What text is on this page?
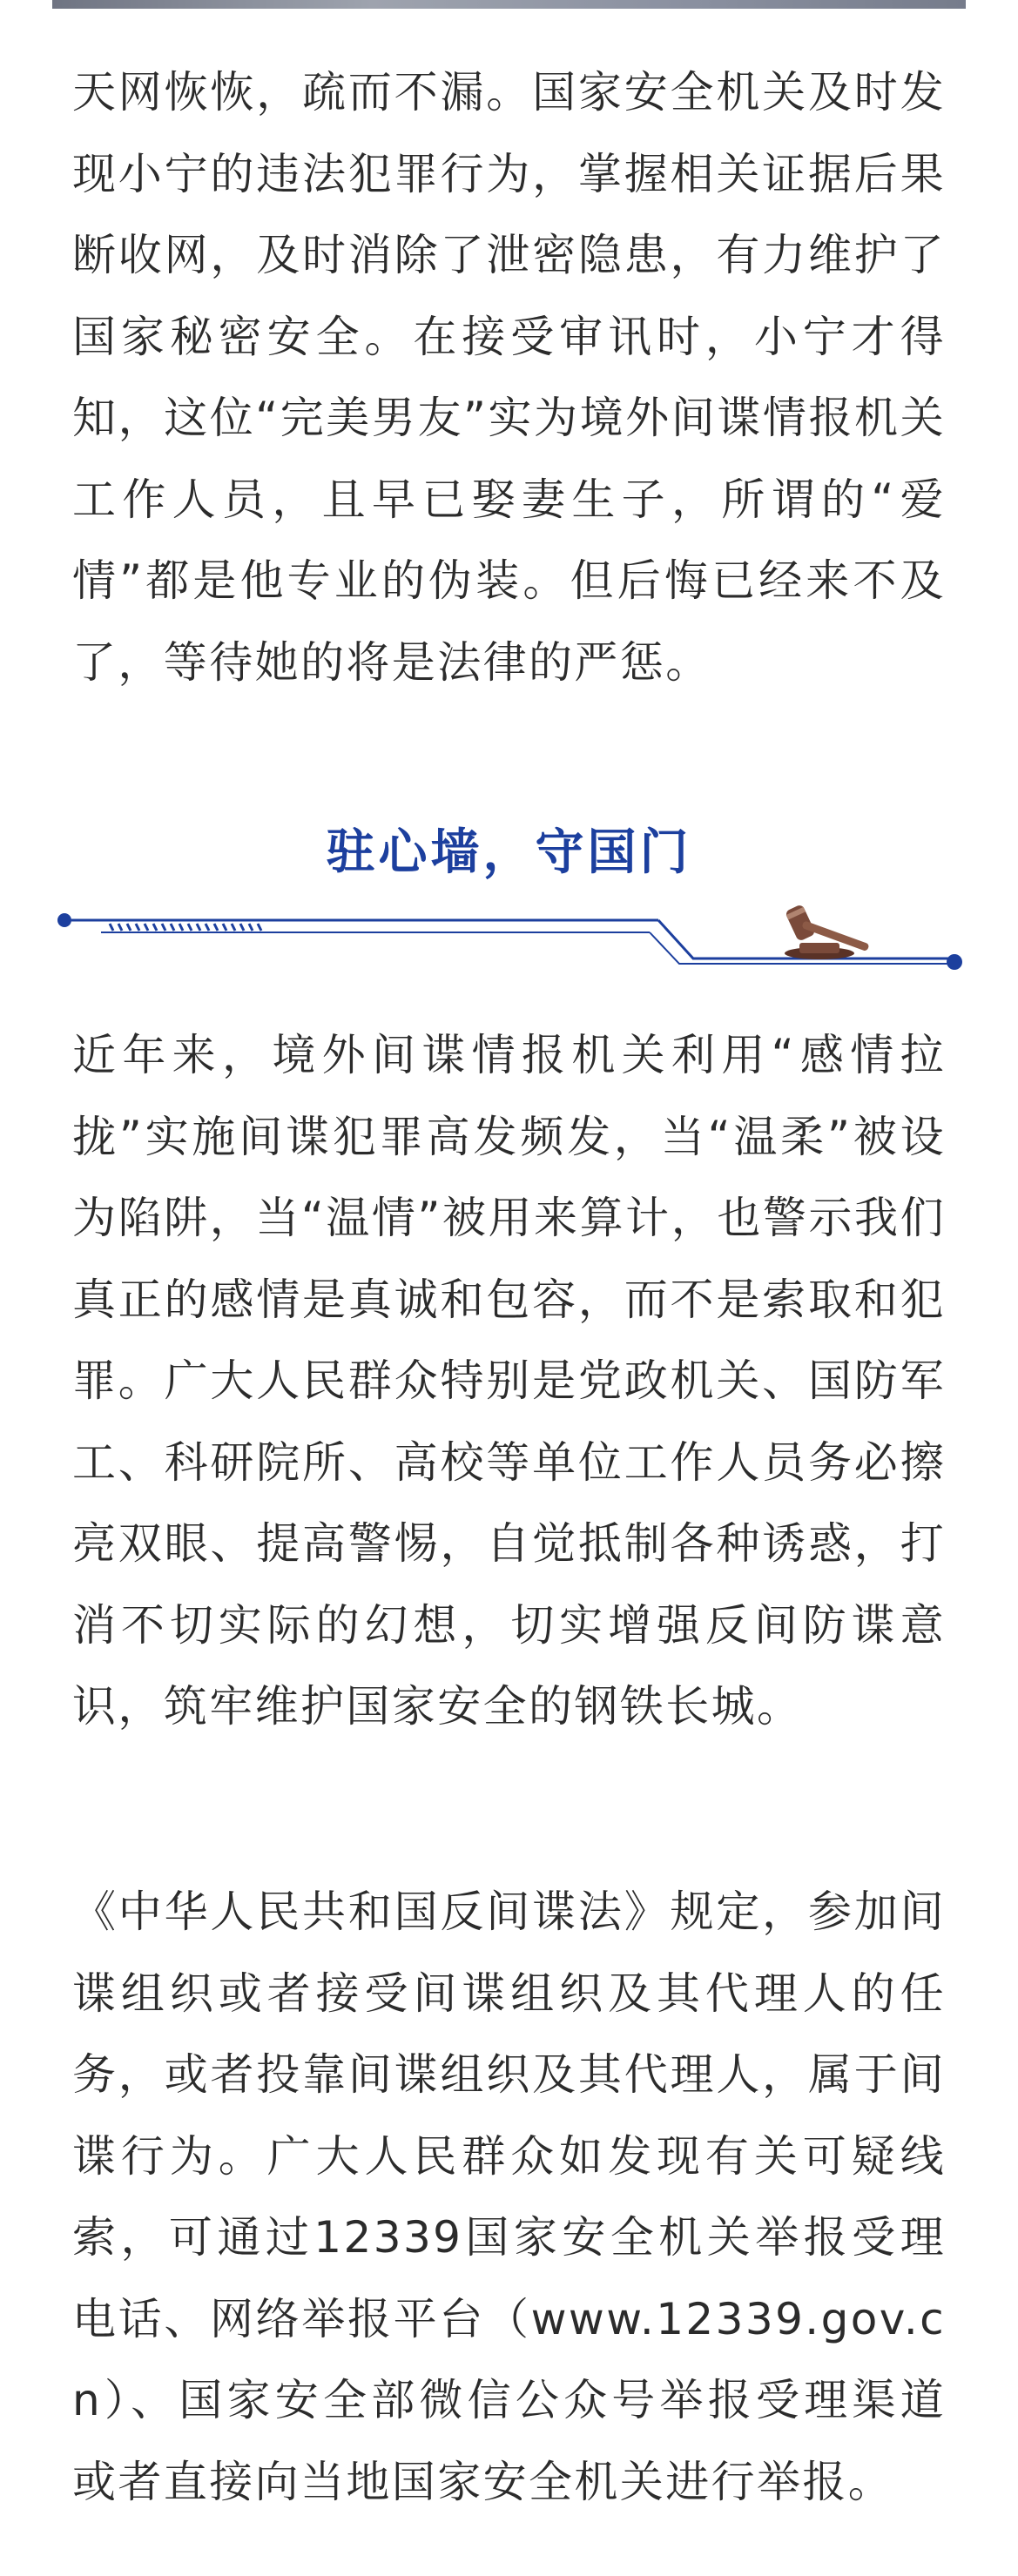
天网恢恢，疏而不漏。国家安全机关及时发现小宁的违法犯罪行为，掌握相关证据后果断收网，及时消除了泄密隐患，有力维护了国家秘密安全。在接受审讯时，小宁才得知，这位“完美男友”实为境外间谍情报机关工作人员，且早已娶妻生子，所谓的“爱情”都是他专业的伪装。但后悔已经来不及了，等待她的将是法律的严惩。

驻心墙，守国门

近年来，境外间谍情报机关利用“感情拉拢”实施间谍犯罪高发频发，当“温柔”被设为陷阱，当“温情”被用来算计，也警示我们真正的感情是真诚和包容，而不是索取和犯罪。广大人民群众特别是党政机关、国防军工、科研院所、高校等单位工作人员务必擦亮双眼、提高警惕，自觉抵制各种诱惑，打消不切实际的幻想，切实增强反间防谍意识，筑牢维护国家安全的钢铁长城。

《中华人民共和国反间谍法》规定，参加间谍组织或者接受间谍组织及其代理人的任务，或者投靠间谍组织及其代理人，属于间谍行为。广大人民群众如发现有关可疑线索，可通过12339国家安全机关举报受理电话、网络举报平台（www.12339.gov.cn）、国家安全部微信公众号举报受理渠道或者直接向当地国家安全机关进行举报。
